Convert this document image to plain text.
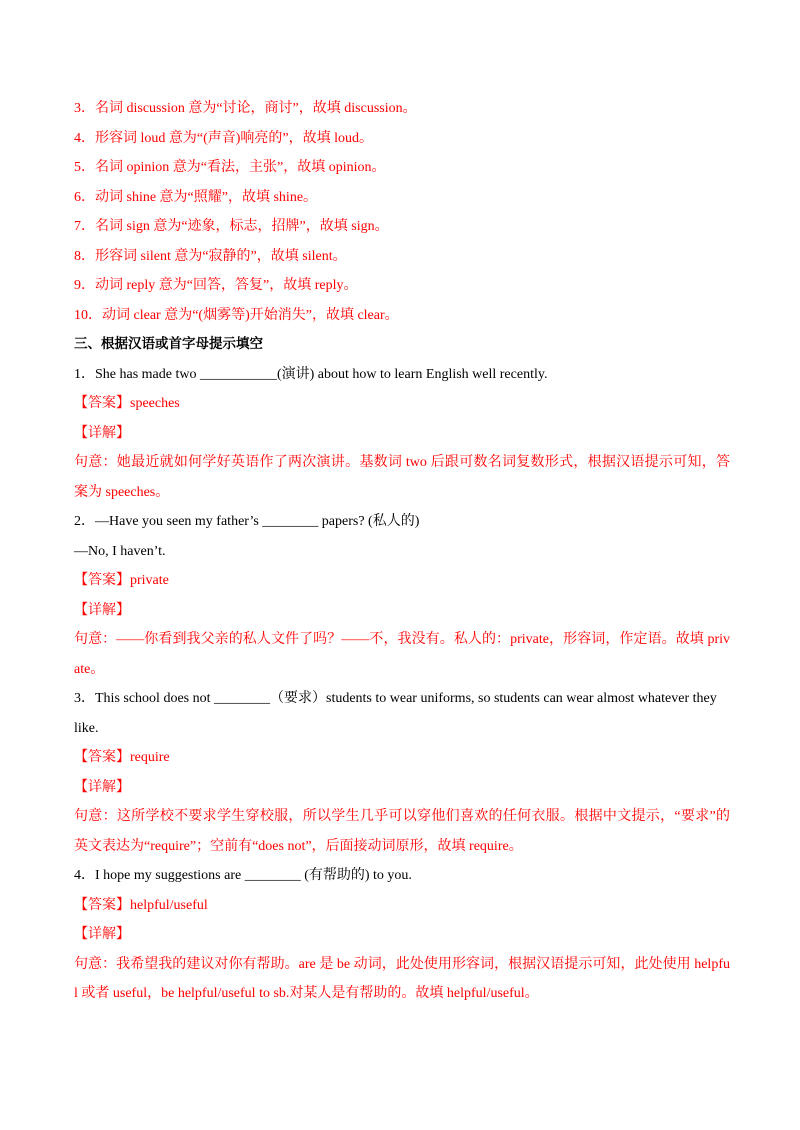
3．名词 discussion 意为“讨论，商讨”，故填 discussion。
4．形容词 loud 意为“(声音)响亮的”，故填 loud。
5．名词 opinion 意为“看法，主张”，故填 opinion。
6．动词 shine 意为“照耀”，故填 shine。
7．名词 sign 意为“迹象，标志，招牌”，故填 sign。
8．形容词 silent 意为“寂静的”，故填 silent。
9．动词 reply 意为“回答，答复”，故填 reply。
10．动词 clear 意为“(烟雾等)开始消失”，故填 clear。
三、根据汉语或首字母提示填空
1．She has made two ___________(演讲) about how to learn English well recently.
【答案】speeches
【详解】
句意：她最近就如何学好英语作了两次演讲。基数词 two 后跟可数名词复数形式，根据汉语提示可知，答案为 speeches。
2．—Have you seen my father’s ________ papers? (私人的)
—No, I haven’t.
【答案】private
【详解】
句意：——你看到我父亲的私人文件了吗？——不，我没有。私人的：private，形容词，作定语。故填 private。
3．This school does not ________（要求）students to wear uniforms, so students can wear almost whatever they like.
【答案】require
【详解】
句意：这所学校不要求学生穿校服，所以学生几乎可以穿他们喜欢的任何衣服。根据中文提示，“要求”的英文表达为“require”；空前有“does not”，后面接动词原形，故填 require。
4．I hope my suggestions are ________ (有帮助的) to you.
【答案】helpful/useful
【详解】
句意：我希望我的建议对你有帮助。are 是 be 动词，此处使用形容词，根据汉语提示可知，此处使用 helpful 或者 useful，be helpful/useful to sb.对某人是有帮助的。故填 helpful/useful。
